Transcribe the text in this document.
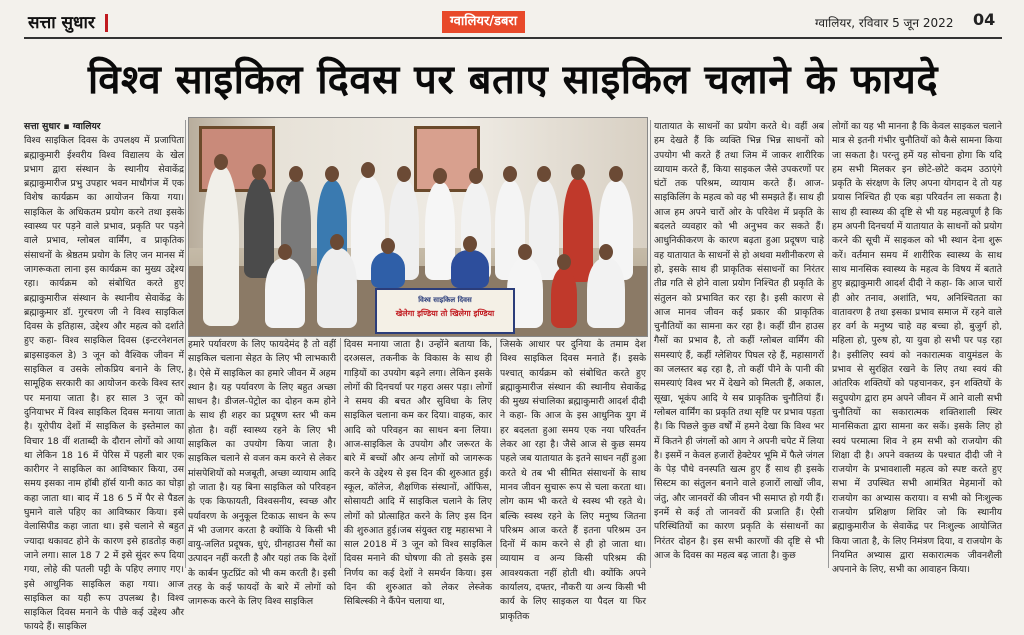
सत्ता सुधार	ग्वालियर/डबरा	ग्वालियर, रविवार 5 जून 2022 04
विश्व साइकिल दिवस पर बताए साइकिल चलाने के फायदे
सत्ता सुधार ▪ ग्वालियर
विश्व साइकिल दिवस के उपलक्ष्य में प्रजापिता ब्रह्माकुमारी ईश्वरीय विश्व विद्यालय के खेल प्रभाग द्वारा संस्थान के स्थानीय सेवाकेंद्र ब्रह्माकुमारीज प्रभु उपहार भवन माधौगंज में एक विशेष कार्यक्रम का आयोजन किया गया। साइकिल के अधिकतम प्रयोग करने तथा इसके स्वास्थ्य पर पड़ने वाले प्रभाव, प्रकृति पर पड़ने वाले प्रभाव, ग्लोबल वार्मिंग, व प्राकृतिक संसाधनों के श्रेष्ठतम प्रयोग के लिए जन मानस में जागरूकता लाना इस कार्यक्रम का मुख्य उद्देश्य रहा। कार्यक्रम को संबोधित करते हुए ब्रह्माकुमारीज संस्थान के स्थानीय सेवाकेंद्र के ब्रह्माकुमार डॉ. गुरचरण जी ने विश्व साइकिल दिवस के इतिहास, उद्देश्य और महत्व को दर्शाते हुए कहा- विश्व साइकिल दिवस (इन्टरनेशनल ब्राइसाइकल डे) 3 जून को वैश्विक जीवन में साइकिल व उसके लोकप्रिय बनाने के लिए, सामूहिक सरकारी का आयोजन करके विश्व स्तर पर मनाया जाता है। हर साल 3 जून को दुनियाभर में विश्व साइकिल दिवस मनाया जाता है। यूरोपीय देशों में साइकिल के इस्तेमाल का विचार 18 वीं शताब्दी के दौरान लोगों को आया था लेकिन 18 16 में पेरिस में पहली बार एक कारीगर ने साइकिल का आविष्कार किया, उस समय इसका नाम हॉबी हॉर्स यानी काठ का घोड़ा कहा जाता था। बाद में 18 6 5 में पैर से पैडल घुमाने वाले पहिए का आविष्कार किया। इसे वेलासिपीड कहा जाता था। इसे चलाने से बहुत ज्यादा थकावट होने के कारण इसे हाडतोड़ कहा जाने लगा। साल 18 7 2 में इसे सुंदर रूप दिया गया, लोहे की पतली पट्टी के पहिए लगाए गए। इसे आधुनिक साइकिल कहा गया। आज साइकिल का यही रूप उपलब्ध है। विश्व साइकिल दिवस मनाने के पीछे कई उद्देश्य और फायदे हैं। साइकिल
विश्व साइकिल दिवस
खेलेगा इण्डिया तो खिलेगा इण्डिया
हमारे पर्यावरण के लिए फायदेमंद है तो वहीं साइकिल चलाना सेहत के लिए भी लाभकारी है। ऐसे में साइकिल का हमारे जीवन में अहम स्थान है। यह पर्यावरण के लिए बहुत अच्छा साधन है। डीजल-पेट्रोल का दोहन कम होने के साथ ही शहर का प्रदूषण स्तर भी कम होता है। वहीं स्वास्थ्य रहने के लिए भी साइकिल का उपयोग किया जाता है। साइकिल चलाने से वजन कम करने से लेकर मांसपेशियों को मजबूती, अच्छा व्यायाम आदि हो जाता है। यह बिना साइकिल को परिवहन के एक किफायती, विश्वसनीय, स्वच्छ और पर्यावरण के अनुकूल टिकाऊ साधन के रूप में भी उजागर करता है क्योंकि ये किसी भी वायु-जलित प्रदूषक, धुएं, ग्रीनहाउस गैसों का उत्पादन नहीं करती है और यहां तक कि देशों के कार्बन फुटप्रिंट को भी कम करती है। इसी तरह के कई फायदों के बारे में लोगों को जागरूक करने के लिए विश्व साइकिल
दिवस मनाया जाता है। उन्होंने बताया कि, दरअसल, तकनीक के विकास के साथ ही गाड़ियों का उपयोग बढ़ने लगा। लेकिन इसके लोगों की दिनचर्या पर गहरा असर पड़ा। लोगों ने समय की बचत और सुविधा के लिए साइकिल चलाना कम कर दिया। वाहक, कार आदि को परिवहन का साधन बना लिया। आज-साइकिल के उपयोग और जरूरत के बारे में बच्चों और अन्य लोगों को जागरूक करने के उद्देश्य से इस दिन की शुरुआत हुई। स्कूल, कॉलेज, शैक्षणिक संस्थानों, ऑफिस, सोसायटी आदि में साइकिल चलाने के लिए लोगों को प्रोत्साहित करने के लिए इस दिन की शुरुआत हुई।जब संयुक्त राष्ट्र महासभा ने साल 2018 में 3 जून को विश्व साइकिल दिवस मनाने की घोषणा की तो इसके इस निर्णय का कई देशों ने समर्थन किया। इस दिन की शुरुआत को लेकर लेस्जेक सिबिल्स्की ने कैंपेन चलाया था,
जिसके आधार पर दुनिया के तमाम देश विश्व साइकिल दिवस मनाते हैं। इसके पश्चात् कार्यक्रम को संबोधित करते हुए ब्रह्माकुमारीज संस्थान की स्थानीय सेवाकेंद्र की मुख्य संचालिका ब्रह्माकुमारी आदर्श दीदी ने कहा- कि आज के इस आधुनिक युग में हर बदलता हुआ समय एक नया परिवर्तन लेकर आ रहा है। जैसे आज से कुछ समय पहले जब यातायात के इतने साधन नहीं हुआ करते थे तब भी सीमित संसाधनों के साथ मानव जीवन सुचारू रूप से चला करता था। लोग काम भी करते थे स्वस्थ भी रहते थे। बल्कि स्वस्थ रहने के लिए मनुष्य जितना परिश्रम आज करते हैं इतना परिश्रम उन दिनों में काम करने से ही हो जाता था। व्यायाम व अन्य किसी परिश्रम की आवश्यकता नहीं होती थी। क्योंकि अपने कार्यालय, दफ्तर, नौकरी या अन्य किसी भी कार्य के लिए साइकल या पैदल या फिर प्राकृतिक
यातायात के साधनों का प्रयोग करते थे। वहीं अब हम देखते हैं कि व्यक्ति भिन्न भिन्न साधनों को उपयोग भी करते हैं तथा जिम में जाकर शारीरिक व्यायाम करते हैं, किया साइकल जैसे उपकरणों पर घंटों तक परिश्रम, व्यायाम करते हैं। आज-साइकिलिंग के महत्व को वह भी समझते हैं। साथ ही आज हम अपने चारों ओर के परिवेश में प्रकृति के बदलते व्यवहार को भी अनुभव कर सकते हैं। आधुनिकीकरण के कारण बढ़ता हुआ प्रदूषण चाहे वह यातायात के साधनों से हो अथवा मशीनीकरण से हो, इसके साथ ही प्राकृतिक संसाधनों का निरंतर तीव्र गति से होने वाला प्रयोग निश्चित ही प्रकृति के संतुलन को प्रभावित कर रहा है। इसी कारण से आज मानव जीवन कई प्रकार की प्राकृतिक चुनौतियों का सामना कर रहा है। कहीं ग्रीन हाउस गैसों का प्रभाव है, तो कहीं ग्लोबल वार्मिंग की समस्याएं हैं, कहीं ग्लेशियर पिघल रहे हैं, महासागरों का जलस्तर बढ़ रहा है, तो कहीं पीने के पानी की समस्याएं विश्व भर में देखने को मिलती हैं, अकाल, सूखा, भूकंप आदि ये सब प्राकृतिक चुनौतियां हैं। ग्लोबल वार्मिंग का प्रकृति तथा सृष्टि पर प्रभाव पड़ता है। कि पिछले कुछ वर्षों में हमने देखा कि विश्व भर में कितने ही जंगलों को आग ने अपनी चपेट में लिया है। इसमें न केवल हजारों हेक्टेयर भूमि में फैले जंगल के पेड़ पौधे वनस्पति खत्म हुए हैं साथ ही इसके सिस्टम का संतुलन बनाने वाले हजारों लाखों जीव, जंतु, और जानवरों की जीवन भी समाप्त हो गयी हैं। इनमें से कई तो जानवरों की प्रजाति हैं। ऐसी परिस्थितियों का कारण प्रकृति के संसाधनों का निरंतर दोहन है। इस सभी कारणों की दृष्टि से भी आज के दिवस का महत्व बढ़ जाता है। कुछ
लोगों का यह भी मानना है कि केवल साइकल चलाने मात्र से इतनी गंभीर चुनौतियों को कैसे सामना किया जा सकता है। परन्तु हमें यह सोचना होगा कि यदि हम सभी मिलकर इन छोटे-छोटे कदम उठाएंगे प्रकृति के संरक्षण के लिए अपना योगदान दे तो यह प्रयास निश्चित ही एक बड़ा परिवर्तन ला सकता है। साथ ही स्वास्थ्य की दृष्टि से भी यह महत्वपूर्ण है कि हम अपनी दिनचर्या में यातायात के साधनों को प्रयोग करने की सूची में साइकल को भी स्थान देना शुरू करें। वर्तमान समय में शारीरिक स्वास्थ्य के साथ साथ मानसिक स्वास्थ्य के महत्व के विषय में बताते हुए ब्रह्माकुमारी आदर्श दीदी ने कहा- कि आज चारों ही ओर तनाव, अशांति, भय, अनिश्चितता का वातावरण है तथा इसका प्रभाव समाज में रहने वाले हर वर्ग के मनुष्य चाहे वह बच्चा हो, बुजुर्ग हो, महिला हो, पुरुष हो, या युवा हो सभी पर पड़ रहा है। इसीलिए स्वयं को नकारात्मक वायुमंडल के प्रभाव से सुरक्षित रखने के लिए तथा स्वयं की आंतरिक शक्तियों को पहचानकर, इन शक्तियों के सदुपयोग द्वारा हम अपने जीवन में आने वाली सभी चुनौतियों का सकारात्मक शक्तिशाली स्थिर मानसिकता द्वारा सामना कर सकें। इसके लिए हो स्वयं परमात्मा शिव ने हम सभी को राजयोग की शिक्षा दी है। अपने वक्तव्य के पश्चात दीदी जी ने राजयोग के प्रभावशाली महत्व को स्पष्ट करते हुए सभा में उपस्थित सभी आमंत्रित मेहमानों को राजयोग का अभ्यास कराया। व सभी को निःशुल्क राजयोग प्रशिक्षण शिविर जो कि स्थानीय ब्रह्माकुमारीज के सेवाकेंद्र पर निःशुल्क आयोजित किया जाता है, के लिए निमंत्रण दिया, व राजयोग के नियमित अभ्यास द्वारा सकारात्मक जीवनशैली अपनाने के लिए, सभी का आवाहन किया।
